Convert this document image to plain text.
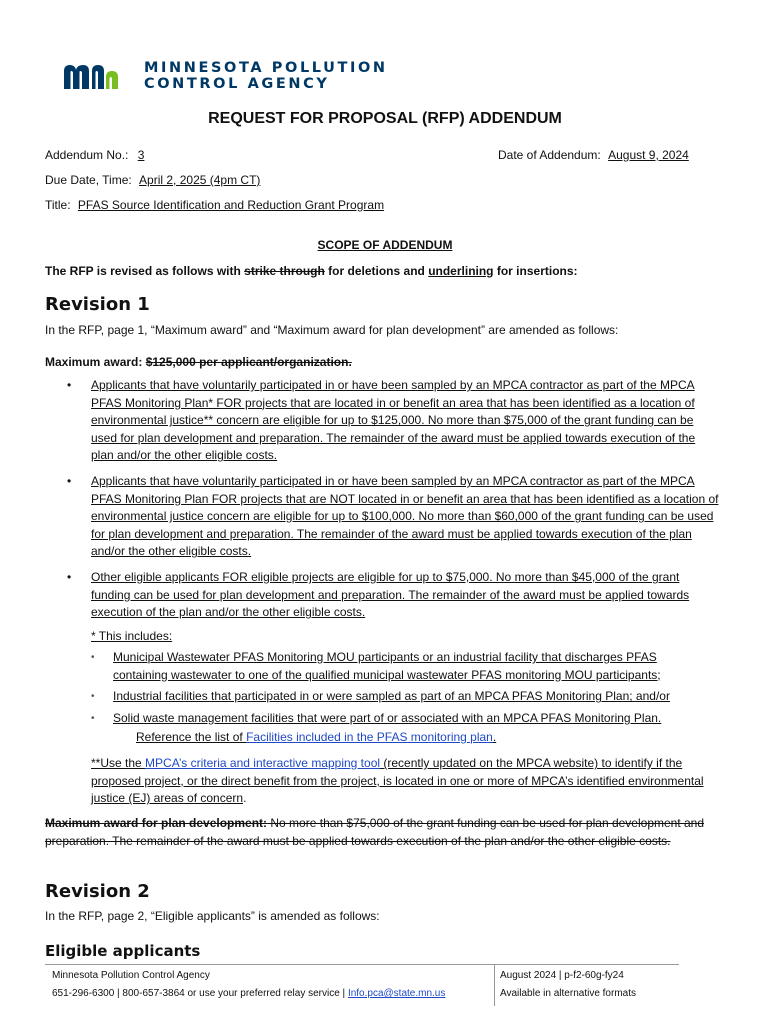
MINNESOTA POLLUTION
CONTROL AGENCY
REQUEST FOR PROPOSAL (RFP) ADDENDUM
Addendum No.: 3	Date of Addendum: August 9, 2024
Due Date, Time: April 2, 2025 (4pm CT)
Title: PFAS Source Identification and Reduction Grant Program
SCOPE OF ADDENDUM
The RFP is revised as follows with strike through for deletions and underlining for insertions:
Revision 1
In the RFP, page 1, “Maximum award” and “Maximum award for plan development” are amended as follows:
Maximum award: $125,000 per applicant/organization.
• Applicants that have voluntarily participated in or have been sampled by an MPCA contractor as part of the MPCA PFAS Monitoring Plan* FOR projects that are located in or benefit an area that has been identified as a location of environmental justice** concern are eligible for up to $125,000. No more than $75,000 of the grant funding can be used for plan development and preparation. The remainder of the award must be applied towards execution of the plan and/or the other eligible costs.
• Applicants that have voluntarily participated in or have been sampled by an MPCA contractor as part of the MPCA PFAS Monitoring Plan FOR projects that are NOT located in or benefit an area that has been identified as a location of environmental justice concern are eligible for up to $100,000. No more than $60,000 of the grant funding can be used for plan development and preparation. The remainder of the award must be applied towards execution of the plan and/or the other eligible costs.
• Other eligible applicants FOR eligible projects are eligible for up to $75,000. No more than $45,000 of the grant funding can be used for plan development and preparation. The remainder of the award must be applied towards execution of the plan and/or the other eligible costs.
* This includes:
• Municipal Wastewater PFAS Monitoring MOU participants or an industrial facility that discharges PFAS containing wastewater to one of the qualified municipal wastewater PFAS monitoring MOU participants;
• Industrial facilities that participated in or were sampled as part of an MPCA PFAS Monitoring Plan; and/or
• Solid waste management facilities that were part of or associated with an MPCA PFAS Monitoring Plan.
Reference the list of Facilities included in the PFAS monitoring plan.
**Use the MPCA’s criteria and interactive mapping tool (recently updated on the MPCA website) to identify if the proposed project, or the direct benefit from the project, is located in one or more of MPCA’s identified environmental justice (EJ) areas of concern.
Maximum award for plan development: No more than $75,000 of the grant funding can be used for plan development and preparation. The remainder of the award must be applied towards execution of the plan and/or the other eligible costs.
Revision 2
In the RFP, page 2, “Eligible applicants” is amended as follows:
Eligible applicants
Minnesota Pollution Control Agency
651-296-6300 | 800-657-3864 or use your preferred relay service | Info.pca@state.mn.us
August 2024 | p-f2-60g-fy24
Available in alternative formats
